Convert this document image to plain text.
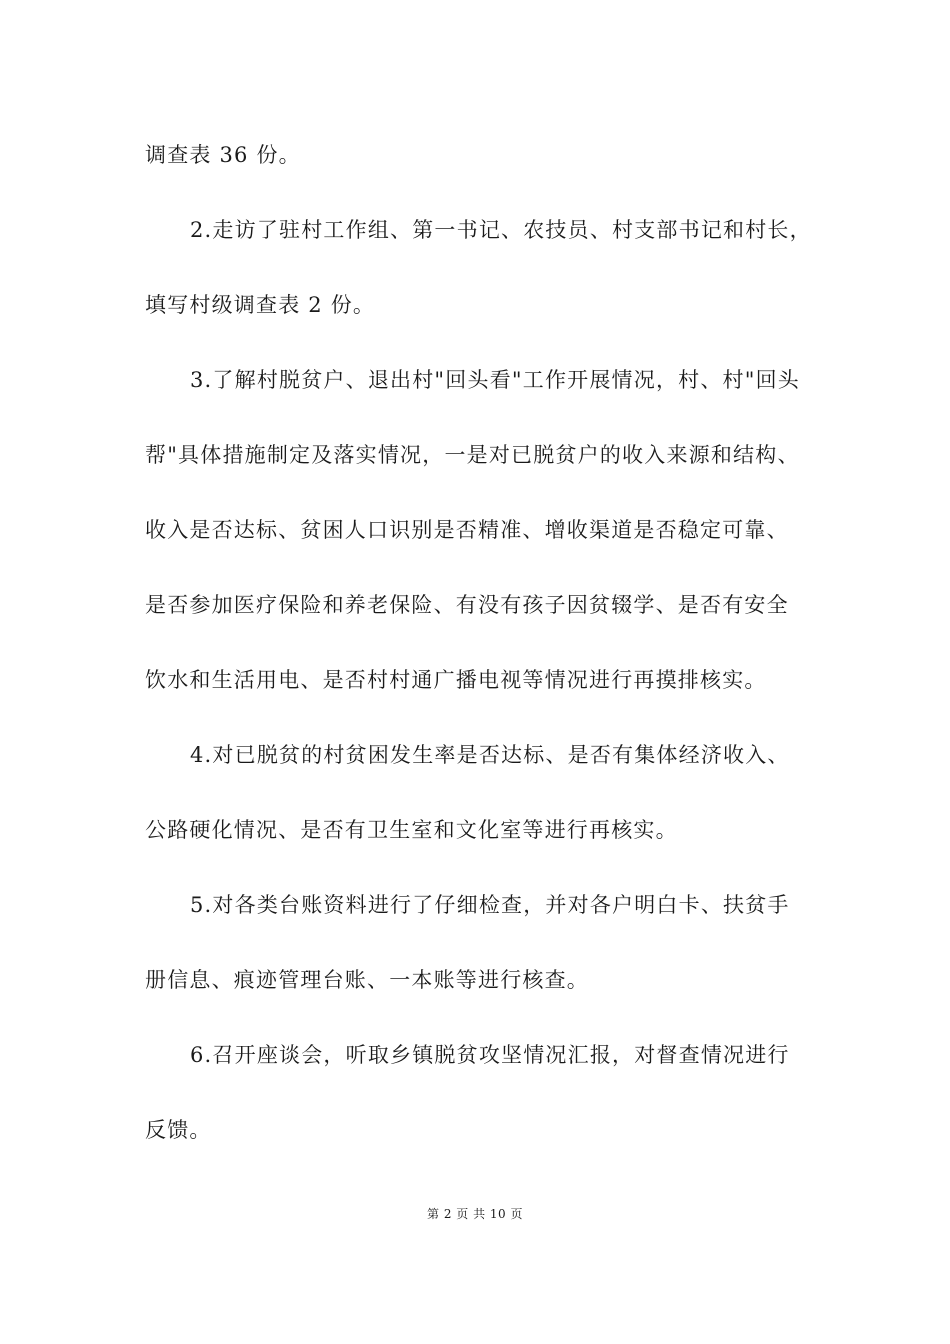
调查表 36 份。
2.走访了驻村工作组、第一书记、农技员、村支部书记和村长，
填写村级调查表 2 份。
3.了解村脱贫户、退出村"回头看"工作开展情况，村、村"回头
帮"具体措施制定及落实情况，一是对已脱贫户的收入来源和结构、
收入是否达标、贫困人口识别是否精准、增收渠道是否稳定可靠、
是否参加医疗保险和养老保险、有没有孩子因贫辍学、是否有安全
饮水和生活用电、是否村村通广播电视等情况进行再摸排核实。
4.对已脱贫的村贫困发生率是否达标、是否有集体经济收入、
公路硬化情况、是否有卫生室和文化室等进行再核实。
5.对各类台账资料进行了仔细检查，并对各户明白卡、扶贫手
册信息、痕迹管理台账、一本账等进行核查。
6.召开座谈会，听取乡镇脱贫攻坚情况汇报，对督查情况进行
反馈。
第 2 页 共 10 页
